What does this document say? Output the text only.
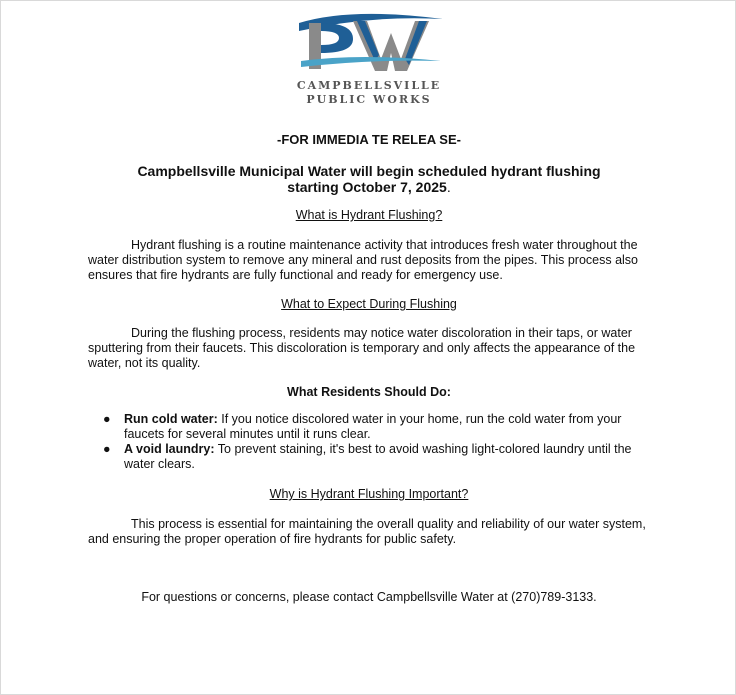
CAMPBELLSVILLE
PUBLIC WORKS
-FOR IMMEDIA TE RELEA SE-
Campbellsville Municipal Water will begin scheduled hydrant flushing starting October 7, 2025.
What is Hydrant Flushing?
Hydrant flushing is a routine maintenance activity that introduces fresh water throughout the water distribution system to remove any mineral and rust deposits from the pipes. This process also ensures that fire hydrants are fully functional and ready for emergency use.
What to Expect During Flushing
During the flushing process, residents may notice water discoloration in their taps, or water sputtering from their faucets. This discoloration is temporary and only affects the appearance of the water, not its quality.
What Residents Should Do:
● Run cold water: If you notice discolored water in your home, run the cold water from your faucets for several minutes until it runs clear.
● A void laundry: To prevent staining, it's best to avoid washing light-colored laundry until the water clears.
Why is Hydrant Flushing Important?
This process is essential for maintaining the overall quality and reliability of our water system, and ensuring the proper operation of fire hydrants for public safety.
For questions or concerns, please contact Campbellsville Water at (270)789-3133.
